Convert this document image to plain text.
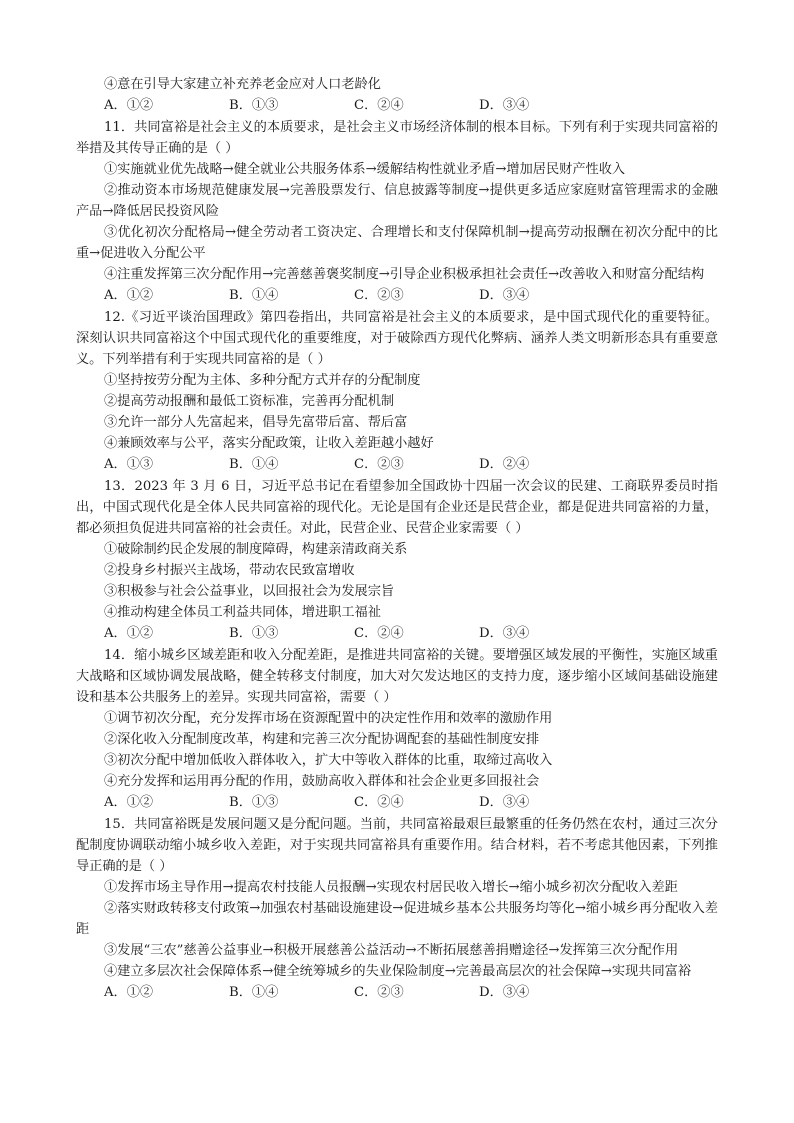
④意在引导大家建立补充养老金应对人口老龄化
A．①②	B．①③	C．②④	D．③④
11．共同富裕是社会主义的本质要求，是社会主义市场经济体制的根本目标。下列有利于实现共同富裕的举措及其传导正确的是（ ）
①实施就业优先战略→健全就业公共服务体系→缓解结构性就业矛盾→增加居民财产性收入
②推动资本市场规范健康发展→完善股票发行、信息披露等制度→提供更多适应家庭财富管理需求的金融产品→降低居民投资风险
③优化初次分配格局→健全劳动者工资决定、合理增长和支付保障机制→提高劳动报酬在初次分配中的比重→促进收入分配公平
④注重发挥第三次分配作用→完善慈善褒奖制度→引导企业积极承担社会责任→改善收入和财富分配结构
A．①②	B．①④	C．②③	D．③④
12.《习近平谈治国理政》第四卷指出，共同富裕是社会主义的本质要求，是中国式现代化的重要特征。深刻认识共同富裕这个中国式现代化的重要维度，对于破除西方现代化弊病、涵养人类文明新形态具有重要意义。下列举措有利于实现共同富裕的是（ ）
①坚持按劳分配为主体、多种分配方式并存的分配制度
②提高劳动报酬和最低工资标准，完善再分配机制
③允许一部分人先富起来，倡导先富带后富、帮后富
④兼顾效率与公平，落实分配政策，让收入差距越小越好
A．①③	B．①④	C．②③	D．②④
13．2023 年 3 月 6 日，习近平总书记在看望参加全国政协十四届一次会议的民建、工商联界委员时指出，中国式现代化是全体人民共同富裕的现代化。无论是国有企业还是民营企业，都是促进共同富裕的力量，都必须担负促进共同富裕的社会责任。对此，民营企业、民营企业家需要（ ）
①破除制约民企发展的制度障碍，构建亲清政商关系
②投身乡村振兴主战场，带动农民致富增收
③积极参与社会公益事业，以回报社会为发展宗旨
④推动构建全体员工利益共同体，增进职工福祉
A．①②	B．①③	C．②④	D．③④
14．缩小城乡区域差距和收入分配差距，是推进共同富裕的关键。要增强区域发展的平衡性，实施区域重大战略和区域协调发展战略，健全转移支付制度，加大对欠发达地区的支持力度，逐步缩小区域间基础设施建设和基本公共服务上的差异。实现共同富裕，需要（ ）
①调节初次分配，充分发挥市场在资源配置中的决定性作用和效率的激励作用
②深化收入分配制度改革，构建和完善三次分配协调配套的基础性制度安排
③初次分配中增加低收入群体收入，扩大中等收入群体的比重，取缔过高收入
④充分发挥和运用再分配的作用，鼓励高收入群体和社会企业更多回报社会
A．①②	B．①③	C．②④	D．③④
15．共同富裕既是发展问题又是分配问题。当前，共同富裕最艰巨最繁重的任务仍然在农村，通过三次分配制度协调联动缩小城乡收入差距，对于实现共同富裕具有重要作用。结合材料，若不考虑其他因素，下列推导正确的是（ ）
①发挥市场主导作用→提高农村技能人员报酬→实现农村居民收入增长→缩小城乡初次分配收入差距
②落实财政转移支付政策→加强农村基础设施建设→促进城乡基本公共服务均等化→缩小城乡再分配收入差距
③发展“三农”慈善公益事业→积极开展慈善公益活动→不断拓展慈善捐赠途径→发挥第三次分配作用
④建立多层次社会保障体系→健全统筹城乡的失业保险制度→完善最高层次的社会保障→实现共同富裕
A．①②	B．①④	C．②③	D．③④
